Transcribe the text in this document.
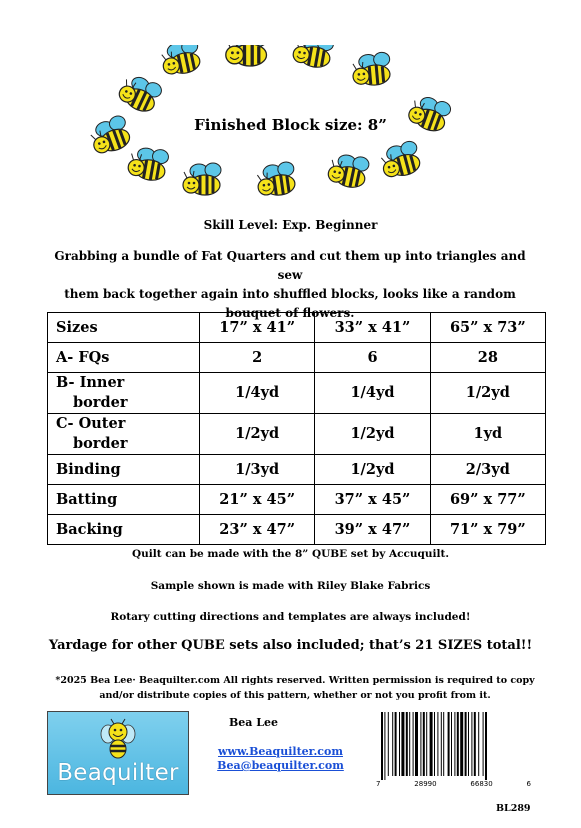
Finished Block size: 8”
Skill Level: Exp. Beginner
Grabbing a bundle of Fat Quarters and cut them up into triangles and sew
them back together again into shuffled blocks, looks like a random
bouquet of flowers.
Sizes	17” x 41”	33” x 41”	65” x 73”
A- FQs	2	6	28

B- Inner
border	1/4yd	1/4yd	1/2yd

C- Outer
border	1/2yd	1/2yd	1yd
Binding	1/3yd	1/2yd	2/3yd
Batting	21” x 45”	37” x 45”	69” x 77”
Backing	23” x 47”	39” x 47”	71” x 79”
Quilt can be made with the 8” QUBE set by Accuquilt.
Sample shown is made with Riley Blake Fabrics
Rotary cutting directions and templates are always included!
Yardage for other QUBE sets also included; that’s 21 SIZES total!!
*2025 Bea Lee· Beaquilter.com All rights reserved. Written permission is required to copy
and/or distribute copies of this pattern, whether or not you profit from it.
Beaquilter
Bea Lee
www.Beaquilter.com
Bea@beaquilter.com
7	28990	66830	6
BL289
